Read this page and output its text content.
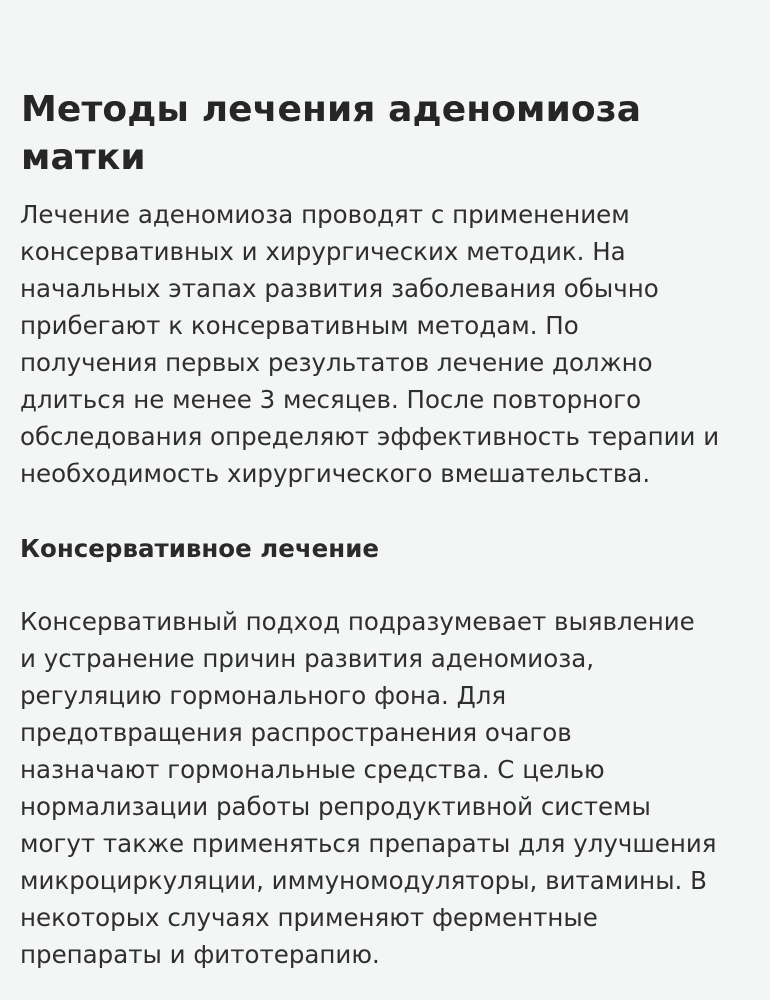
Методы лечения аденомиоза матки

Лечение аденомиоза проводят с применением
консервативных и хирургических методик. На
начальных этапах развития заболевания обычно
прибегают к консервативным методам. По
получения первых результатов лечение должно
длиться не менее 3 месяцев. После повторного
обследования определяют эффективность терапии и
необходимость хирургического вмешательства.

Консервативное лечение

Консервативный подход подразумевает выявление
и устранение причин развития аденомиоза,
регуляцию гормонального фона. Для
предотвращения распространения очагов
назначают гормональные средства. С целью
нормализации работы репродуктивной системы
могут также применяться препараты для улучшения
микроциркуляции, иммуномодуляторы, витамины. В
некоторых случаях применяют ферментные
препараты и фитотерапию.
